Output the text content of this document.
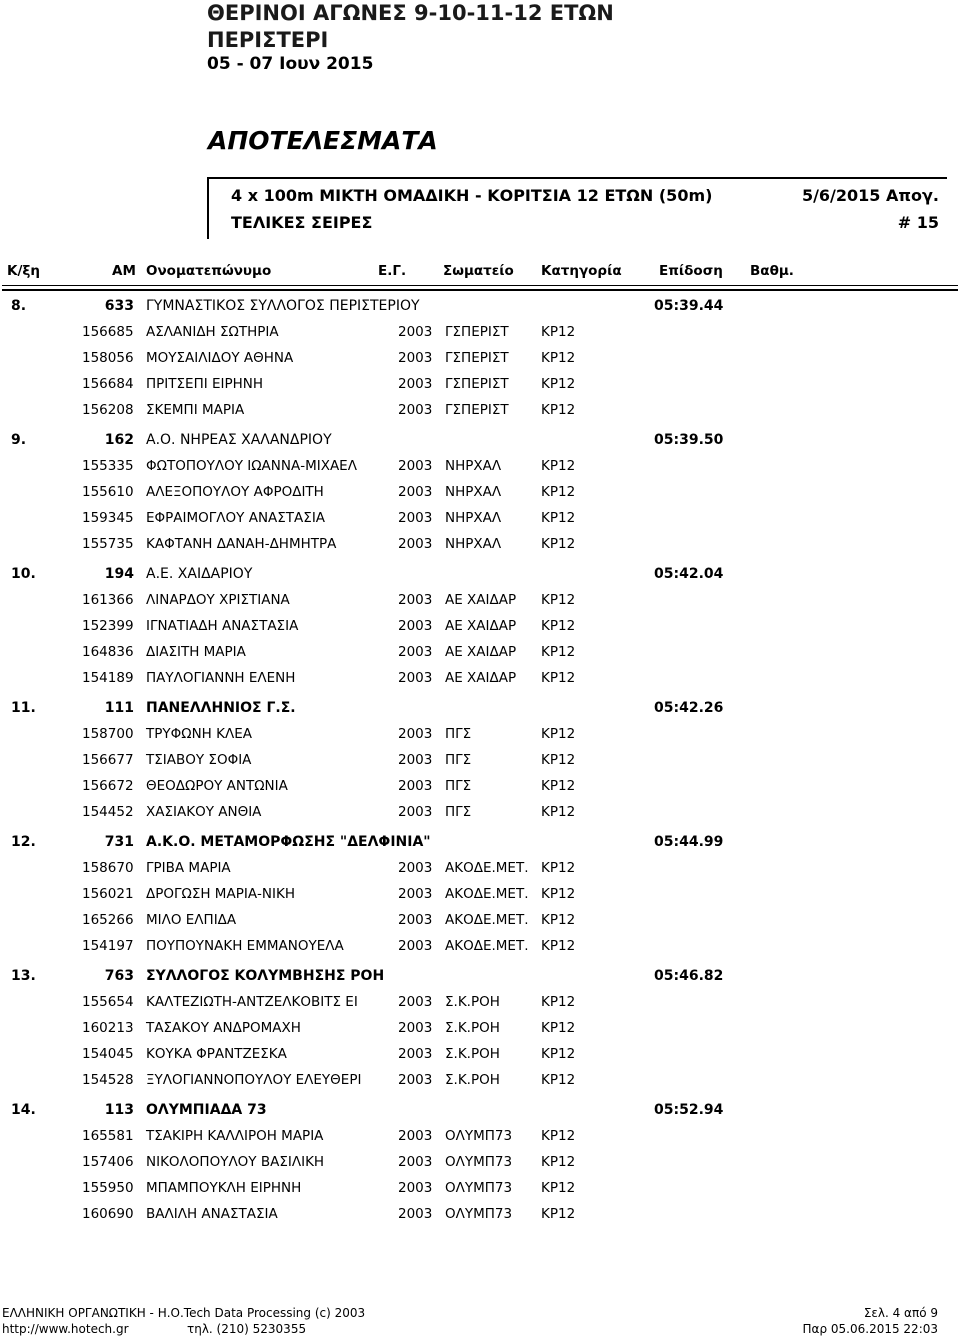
ΘΕΡΙΝΟΙ ΑΓΩΝΕΣ 9-10-11-12 ΕΤΩΝ
ΠΕΡΙΣΤΕΡΙ
05 - 07 Ιουν 2015
ΑΠΟΤΕΛΕΣΜΑΤΑ
4 x 100m ΜΙΚΤΗ ΟΜΑΔΙΚΗ - ΚΟΡΙΤΣΙΑ 12 ΕΤΩΝ (50m)	5/6/2015 Απογ.
ΤΕΛΙΚΕΣ ΣΕΙΡΕΣ	# 15
Κ/ξη	ΑΜ Ονοματεπώνυμο	Ε.Γ.	Σωματείο Κατηγορία	Επίδοση Βαθμ.
8.	633 ΓΥΜΝΑΣΤΙΚΟΣ ΣΥΛΛΟΓΟΣ ΠΕΡΙΣΤΕΡΙΟΥ	05:39.44
156685 ΑΣΛΑΝΙΔΗ ΣΩΤΗΡΙΑ	2003 ΓΣΠΕΡΙΣΤ ΚΡ12
158056 ΜΟΥΣΑΙΛΙΔΟΥ ΑΘΗΝΑ	2003 ΓΣΠΕΡΙΣΤ ΚΡ12
156684 ΠΡΙΤΣΕΠΙ ΕΙΡΗΝΗ	2003 ΓΣΠΕΡΙΣΤ ΚΡ12
156208 ΣΚΕΜΠΙ ΜΑΡΙΑ	2003 ΓΣΠΕΡΙΣΤ ΚΡ12
9.	162 Α.Ο. ΝΗΡΕΑΣ ΧΑΛΑΝΔΡΙΟΥ	05:39.50
155335 ΦΩΤΟΠΟΥΛΟΥ ΙΩΑΝΝΑ-ΜΙΧΑΕΛ	2003 ΝΗΡΧΑΛ	ΚΡ12
155610 ΑΛΕΞΟΠΟΥΛΟΥ ΑΦΡΟΔΙΤΗ	2003 ΝΗΡΧΑΛ	ΚΡ12
159345 ΕΦΡΑΙΜΟΓΛΟΥ ΑΝΑΣΤΑΣΙΑ	2003 ΝΗΡΧΑΛ	ΚΡ12
155735 ΚΑΦΤΑΝΗ ΔΑΝΑΗ-ΔΗΜΗΤΡΑ	2003 ΝΗΡΧΑΛ	ΚΡ12
10.	194 Α.Ε. ΧΑΙΔΑΡΙΟΥ	05:42.04
161366 ΛΙΝΑΡΔΟΥ ΧΡΙΣΤΙΑΝΑ	2003 ΑΕ ΧΑΙΔΑΡ ΚΡ12
152399 ΙΓΝΑΤΙΑΔΗ ΑΝΑΣΤΑΣΙΑ	2003 ΑΕ ΧΑΙΔΑΡ ΚΡ12
164836 ΔΙΑΣΙΤΗ ΜΑΡΙΑ	2003 ΑΕ ΧΑΙΔΑΡ ΚΡ12
154189 ΠΑΥΛΟΓΙΑΝΝΗ ΕΛΕΝΗ	2003 ΑΕ ΧΑΙΔΑΡ ΚΡ12
11.	111 ΠΑΝΕΛΛΗΝΙΟΣ Γ.Σ.	05:42.26
158700 ΤΡΥΦΩΝΗ ΚΛΕΑ	2003 ΠΓΣ	ΚΡ12
156677 ΤΣΙΑΒΟΥ ΣΟΦΙΑ	2003 ΠΓΣ	ΚΡ12
156672 ΘΕΟΔΩΡΟΥ ΑΝΤΩΝΙΑ	2003 ΠΓΣ	ΚΡ12
154452 ΧΑΣΙΑΚΟΥ ΑΝΘΙΑ	2003 ΠΓΣ	ΚΡ12
12.	731 Α.Κ.Ο. ΜΕΤΑΜΟΡΦΩΣΗΣ "ΔΕΛΦΙΝΙΑ"	05:44.99
158670 ΓΡΙΒΑ ΜΑΡΙΑ	2003 ΑΚΟΔΕ.ΜΕΤ. ΚΡ12
156021 ΔΡΟΓΩΣΗ ΜΑΡΙΑ-ΝΙΚΗ	2003 ΑΚΟΔΕ.ΜΕΤ. ΚΡ12
165266 ΜΙΛΟ ΕΛΠΙΔΑ	2003 ΑΚΟΔΕ.ΜΕΤ. ΚΡ12
154197 ΠΟΥΠΟΥΝΑΚΗ ΕΜΜΑΝΟΥΕΛΑ	2003 ΑΚΟΔΕ.ΜΕΤ. ΚΡ12
13.	763 ΣΥΛΛΟΓΟΣ ΚΟΛΥΜΒΗΣΗΣ ΡΟΗ	05:46.82
155654 ΚΑΛΤΕΖΙΩΤΗ-ΑΝΤΖΕΛΚΟΒΙΤΣ ΕΙ	2003 Σ.Κ.ΡΟΗ	ΚΡ12
160213 ΤΑΣΑΚΟΥ ΑΝΔΡΟΜΑΧΗ	2003 Σ.Κ.ΡΟΗ	ΚΡ12
154045 ΚΟΥΚΑ ΦΡΑΝΤΖΕΣΚΑ	2003 Σ.Κ.ΡΟΗ	ΚΡ12
154528 ΞΥΛΟΓΙΑΝΝΟΠΟΥΛΟΥ ΕΛΕΥΘΕΡΙ	2003 Σ.Κ.ΡΟΗ	ΚΡ12
14.	113 ΟΛΥΜΠΙΑΔΑ 73	05:52.94
165581 ΤΣΑΚΙΡΗ ΚΑΛΛΙΡΟΗ ΜΑΡΙΑ	2003 ΟΛΥΜΠ73 ΚΡ12
157406 ΝΙΚΟΛΟΠΟΥΛΟΥ ΒΑΣΙΛΙΚΗ	2003 ΟΛΥΜΠ73 ΚΡ12
155950 ΜΠΑΜΠΟΥΚΛΗ ΕΙΡΗΝΗ	2003 ΟΛΥΜΠ73 ΚΡ12
160690 ΒΑΛΙΛΗ ΑΝΑΣΤΑΣΙΑ	2003 ΟΛΥΜΠ73 ΚΡ12
ΕΛΛΗΝΙΚΗ ΟΡΓΑΝΩΤΙΚΗ - Η.Ο.Tech Data Processing (c) 2003
http://www.hotech.gr	τηλ. (210) 5230355
Σελ. 4 από 9
Παρ 05.06.2015 22:03
